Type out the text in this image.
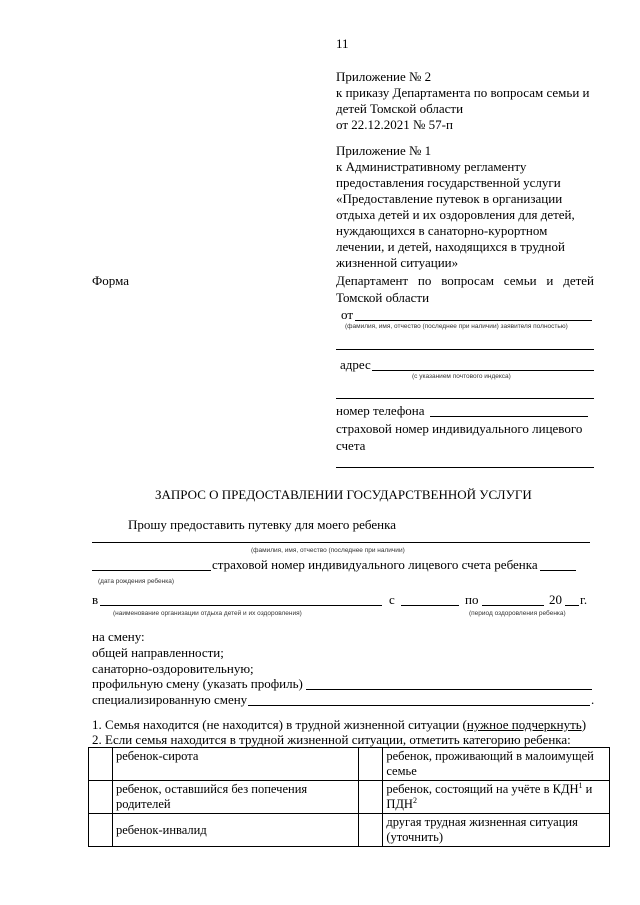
11
Приложение № 2
к приказу Департамента по вопросам семьи и
детей Томской области
от 22.12.2021 № 57-п
Приложение № 1
к Административному регламенту
предоставления государственной услуги
«Предоставление путевок в организации
отдыха детей и их оздоровления для детей,
нуждающихся в санаторно-курортном
лечении, и детей, находящихся в трудной
жизненной ситуации»
Форма	Департамент по вопросам семьи и детей
Томской области
от
(фамилия, имя, отчество (последнее при наличии) заявителя полностью)
адрес
(с указанием почтового индекса)
номер телефона
страховой номер индивидуального лицевого
счета
ЗАПРОС О ПРЕДОСТАВЛЕНИИ ГОСУДАРСТВЕННОЙ УСЛУГИ
Прошу предоставить путевку для моего ребенка
(фамилия, имя, отчество (последнее при наличии)
страховой номер индивидуального лицевого счета ребенка
(дата рождения ребенка)
в	с	по	20 г.
(наименование организации отдыха детей и их оздоровления)	(период оздоровления ребенка)
на смену:
общей направленности;
санаторно-оздоровительную;
профильную смену (указать профиль)
специализированную смену	.
1. Семья находится (не находится) в трудной жизненной ситуации (нужное подчеркнуть)
2. Если семья находится в трудной жизненной ситуации, отметить категорию ребенка:
	ребенок-сирота		ребенок, проживающий в малоимущей семье
	ребенок, оставшийся без попечения родителей		ребенок, состоящий на учёте в КДН$^1$ и ПДН$^2$
	ребенок-инвалид		другая трудная жизненная ситуация (уточнить)
